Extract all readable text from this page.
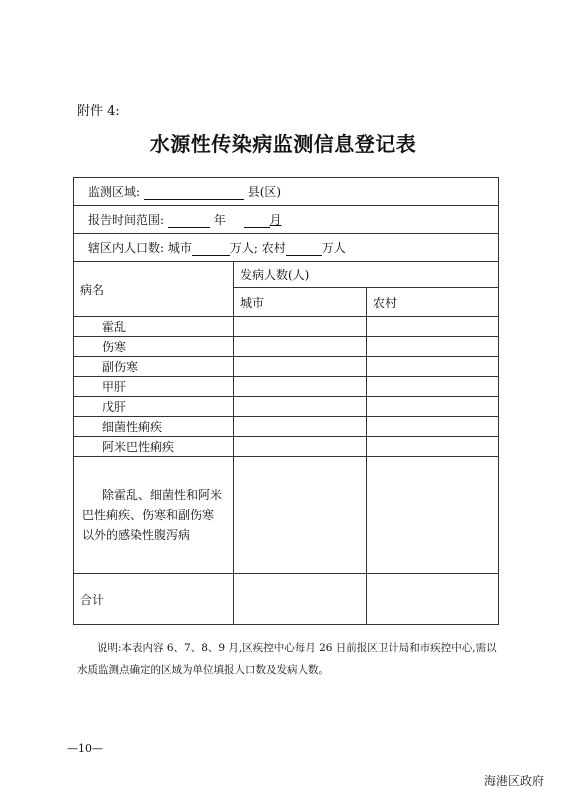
附件 4:
水源性传染病监测信息登记表
监测区域: 县(区)		
报告时间范围: 年 月		
辖区内人口数: 城市 万人; 农村 万人		
病名	发病人数(人)	
	城市	农村
霍乱		
伤寒		
副伤寒		
甲肝		
戊肝		
细菌性痢疾		
阿米巴性痢疾		
除霍乱、细菌性和阿米巴性痢疾、伤寒和副伤寒以外的感染性腹泻病		
合计		
说明:本表内容 6、7、8、9 月,区疾控中心每月 26 日前报区卫计局和市疾控中心,需以水质监测点确定的区域为单位填报人口数及发病人数。
—10—
海港区政府
